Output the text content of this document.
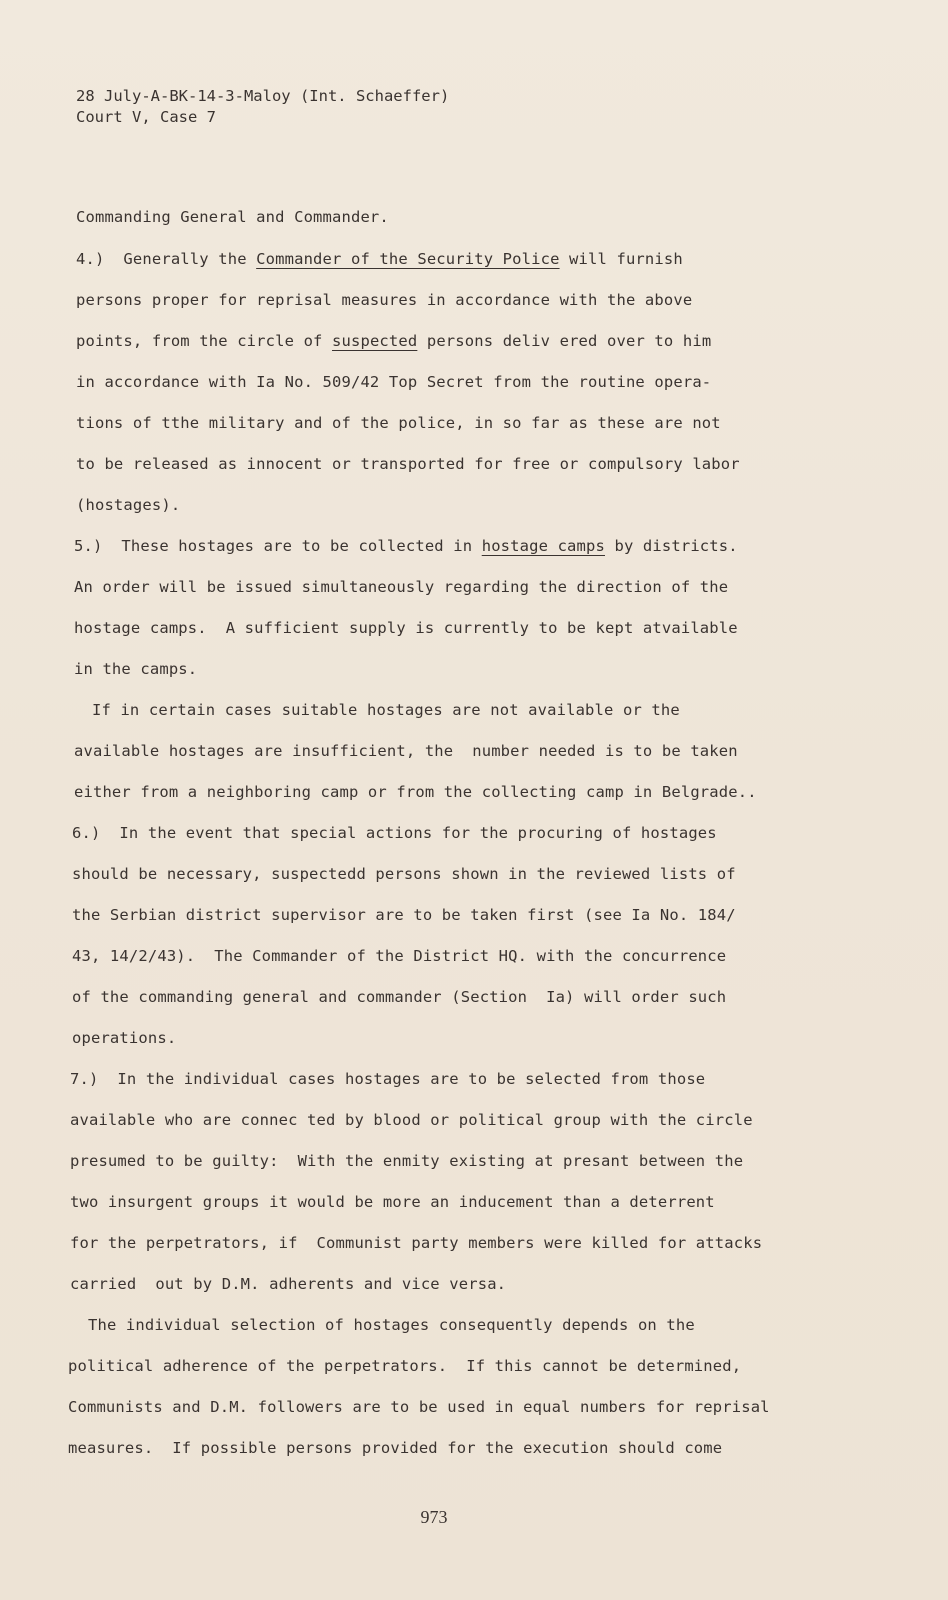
28 July-A-BK-14-3-Maloy (Int. Schaeffer)
Court V, Case 7
Commanding General and Commander.
4.)  Generally the Commander of the Security Police will furnish
persons proper for reprisal measures in accordance with the above
points, from the circle of suspected persons deliv ered over to him
in accordance with Ia No. 509/42 Top Secret from the routine opera-
tions of tthe military and of the police, in so far as these are not
to be released as innocent or transported for free or compulsory labor
(hostages).
5.)  These hostages are to be collected in hostage camps by districts.
An order will be issued simultaneously regarding the direction of the
hostage camps.  A sufficient supply is currently to be kept atvailable
in the camps.
If in certain cases suitable hostages are not available or the
available hostages are insufficient, the  number needed is to be taken
either from a neighboring camp or from the collecting camp in Belgrade..
6.)  In the event that special actions for the procuring of hostages
should be necessary, suspectedd persons shown in the reviewed lists of
the Serbian district supervisor are to be taken first (see Ia No. 184/
43, 14/2/43).  The Commander of the District HQ. with the concurrence
of the commanding general and commander (Section  Ia) will order such
operations.
7.)  In the individual cases hostages are to be selected from those
available who are connec ted by blood or political group with the circle
presumed to be guilty:  With the enmity existing at presant between the
two insurgent groups it would be more an inducement than a deterrent
for the perpetrators, if  Communist party members were killed for attacks
carried  out by D.M. adherents and vice versa.
The individual selection of hostages consequently depends on the
political adherence of the perpetrators.  If this cannot be determined,
Communists and D.M. followers are to be used in equal numbers for reprisal
measures.  If possible persons provided for the execution should come
973
